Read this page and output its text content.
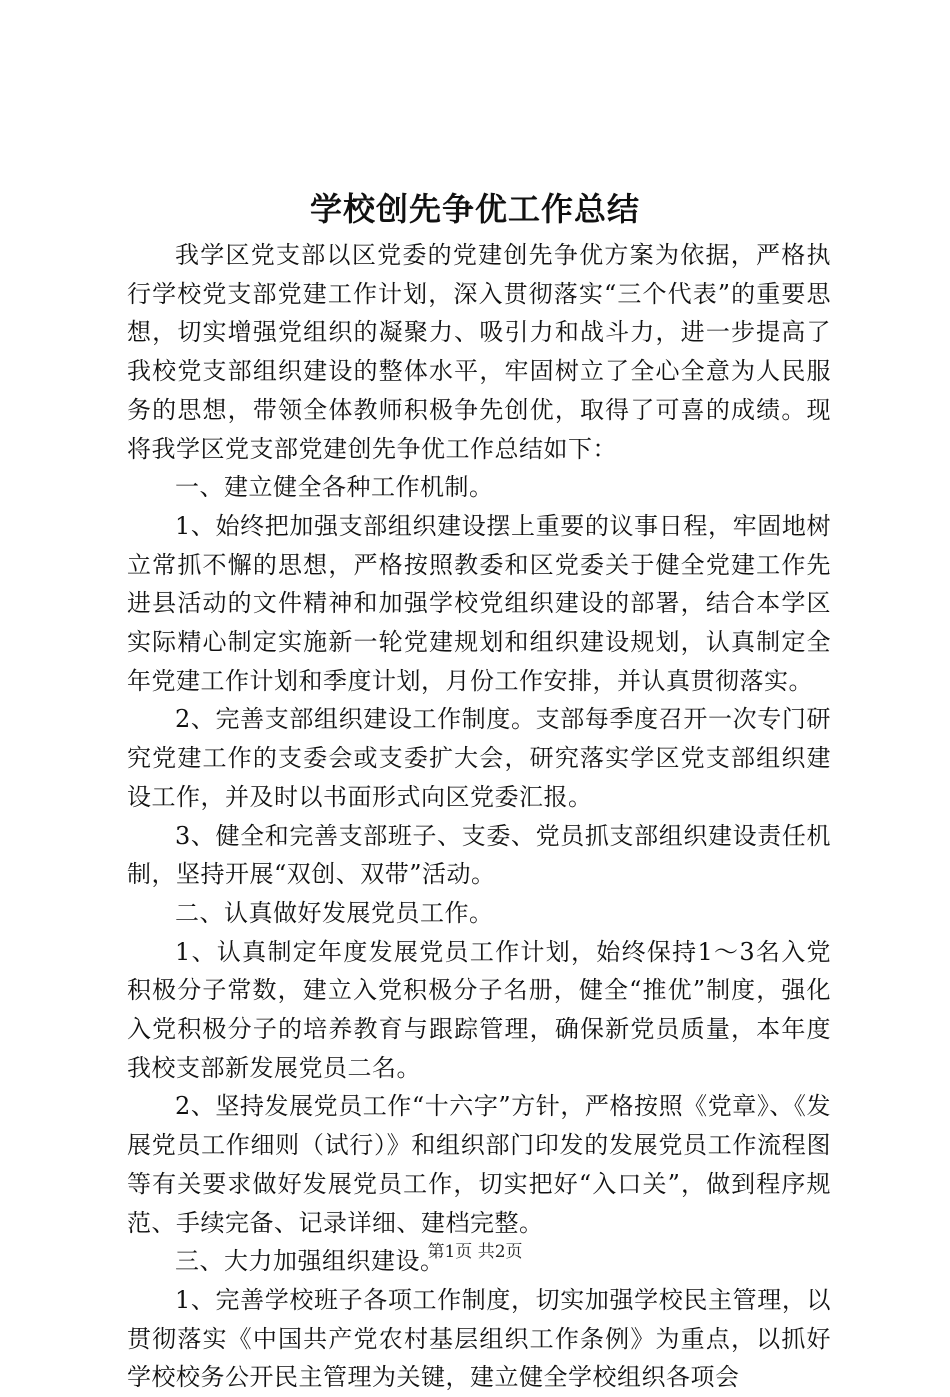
学校创先争优工作总结

我学区党支部以区党委的党建创先争优方案为依据，严格执行学校党支部党建工作计划，深入贯彻落实“三个代表”的重要思想，切实增强党组织的凝聚力、吸引力和战斗力，进一步提高了我校党支部组织建设的整体水平，牢固树立了全心全意为人民服务的思想，带领全体教师积极争先创优，取得了可喜的成绩。现将我学区党支部党建创先争优工作总结如下：

一、建立健全各种工作机制。

1、始终把加强支部组织建设摆上重要的议事日程，牢固地树立常抓不懈的思想，严格按照教委和区党委关于健全党建工作先进县活动的文件精神和加强学校党组织建设的部署，结合本学区实际精心制定实施新一轮党建规划和组织建设规划，认真制定全年党建工作计划和季度计划，月份工作安排，并认真贯彻落实。

2、完善支部组织建设工作制度。支部每季度召开一次专门研究党建工作的支委会或支委扩大会，研究落实学区党支部组织建设工作，并及时以书面形式向区党委汇报。

3、健全和完善支部班子、支委、党员抓支部组织建设责任机制，坚持开展“双创、双带”活动。

二、认真做好发展党员工作。

1、认真制定年度发展党员工作计划，始终保持1～3名入党积极分子常数，建立入党积极分子名册，健全“推优”制度，强化入党积极分子的培养教育与跟踪管理，确保新党员质量，本年度我校支部新发展党员二名。

2、坚持发展党员工作“十六字”方针，严格按照《党章》、《发展党员工作细则（试行）》和组织部门印发的发展党员工作流程图等有关要求做好发展党员工作，切实把好“入口关”，做到程序规范、手续完备、记录详细、建档完整。

三、大力加强组织建设。

1、完善学校班子各项工作制度，切实加强学校民主管理，以贯彻落实《中国共产党农村基层组织工作条例》为重点，以抓好学校校务公开民主管理为关键，建立健全学校组织各项会

第1页 共2页
